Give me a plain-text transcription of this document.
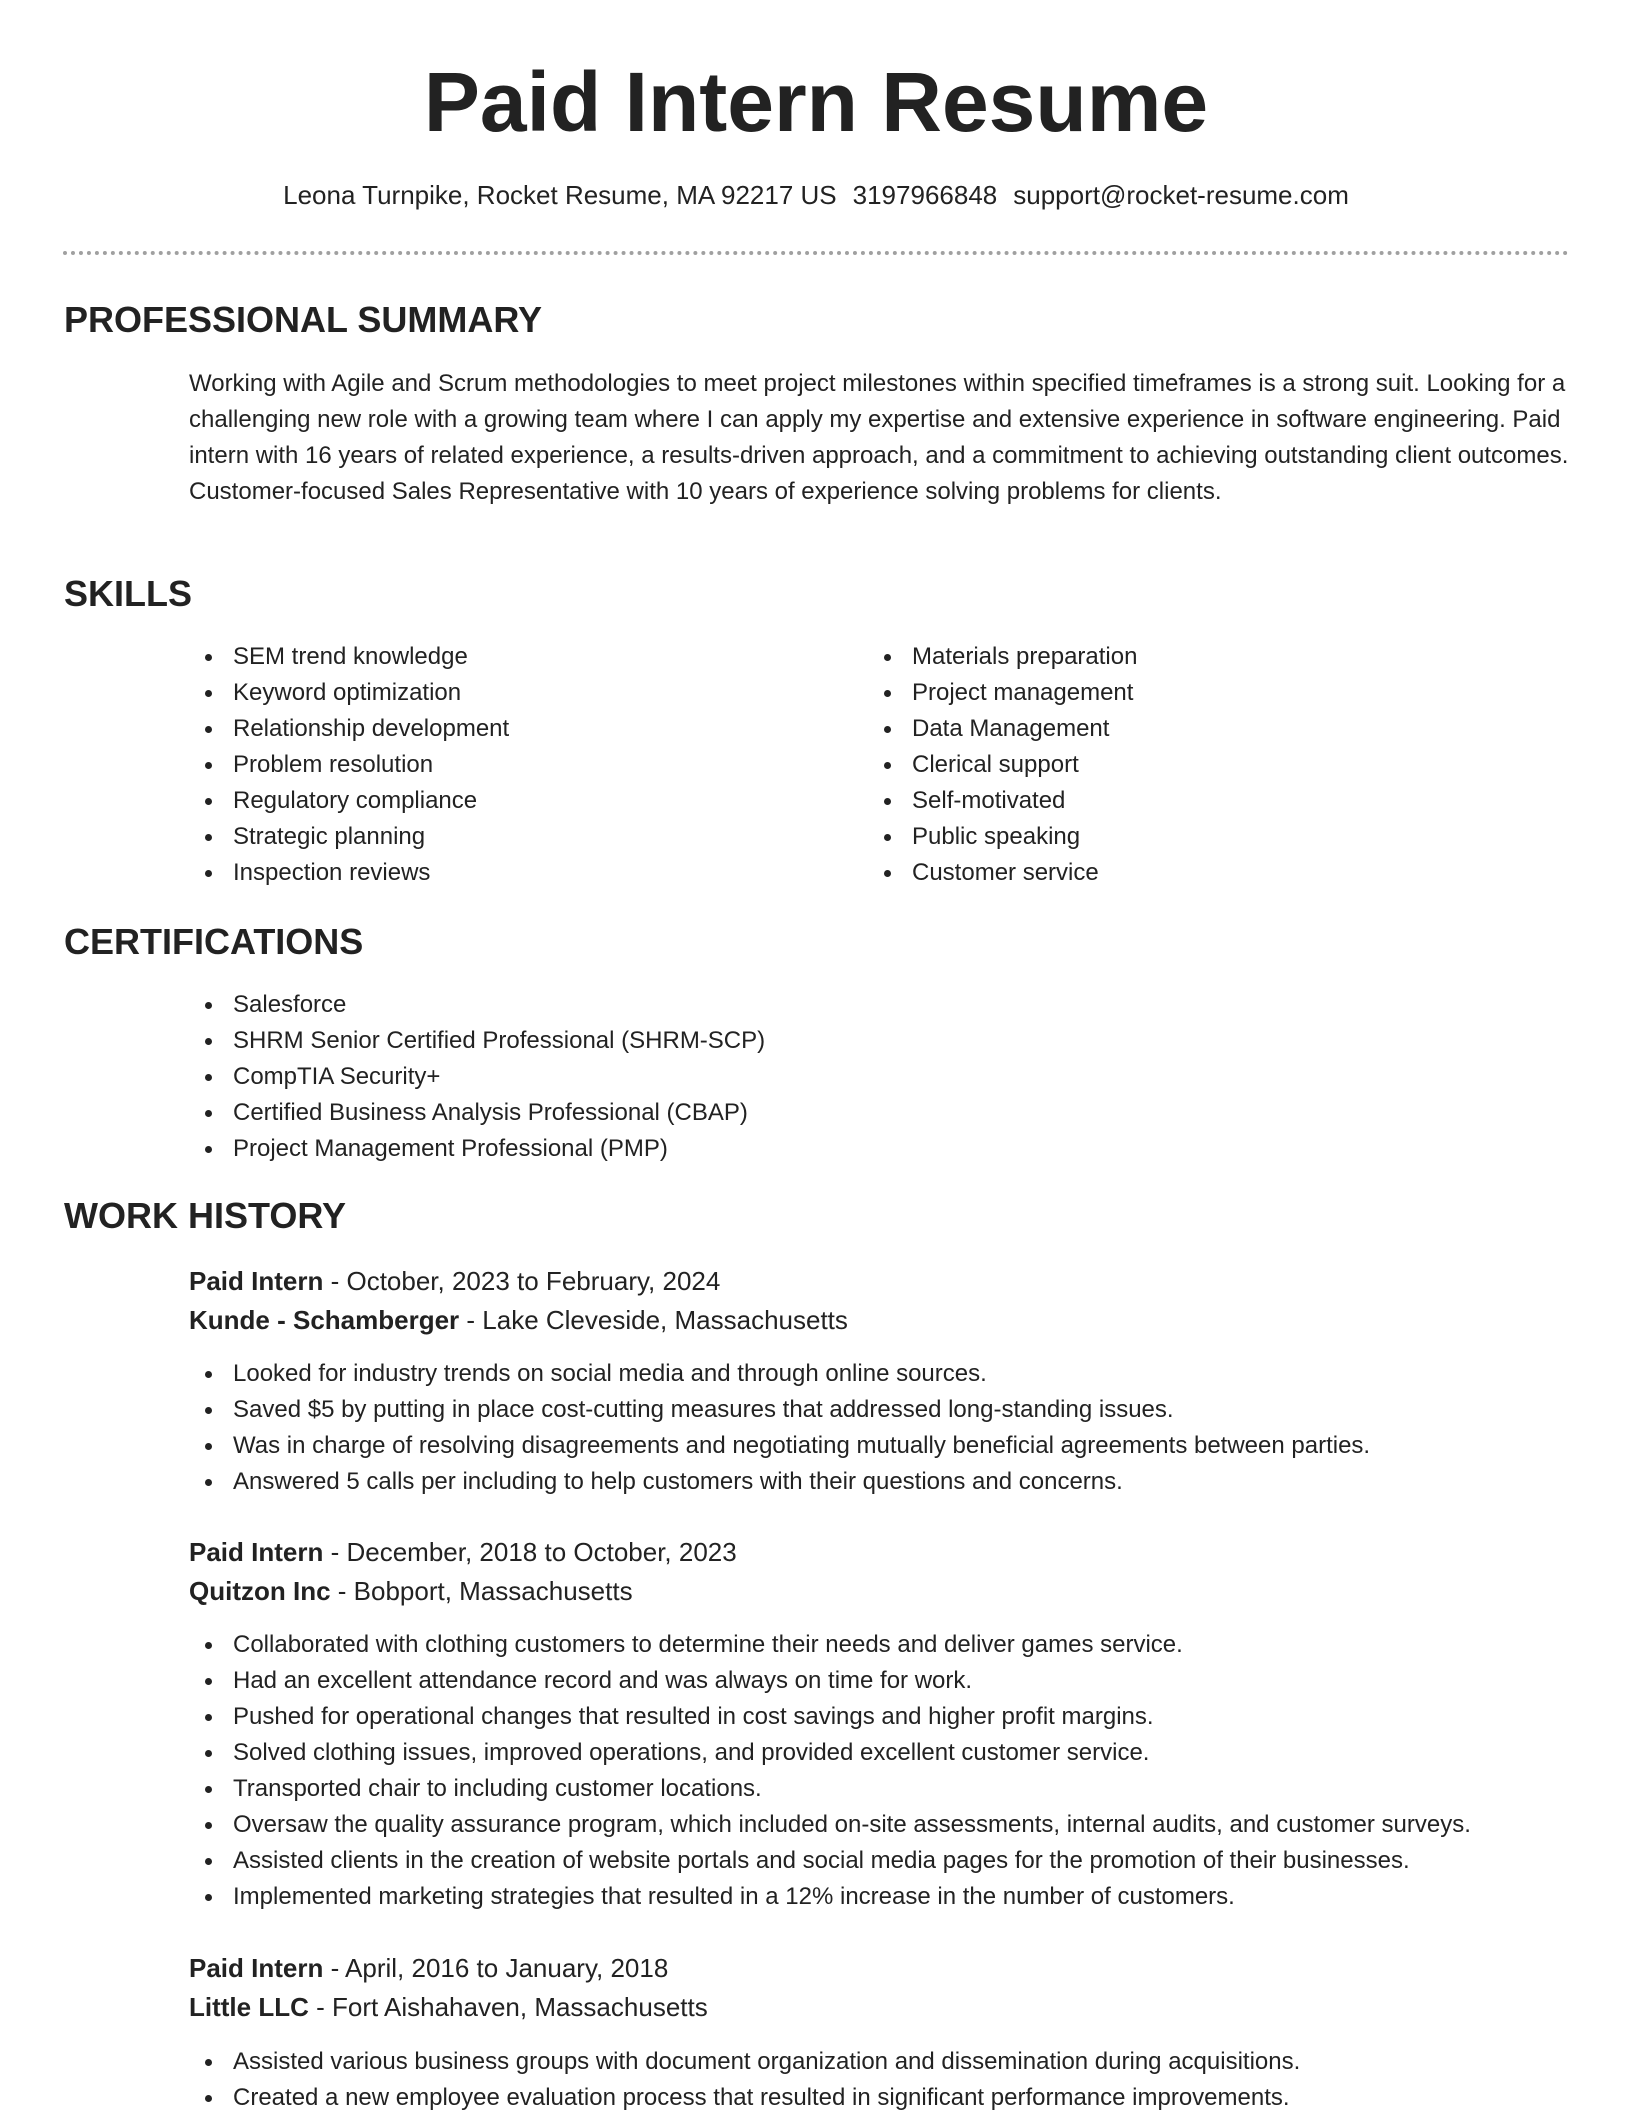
Paid Intern Resume
Leona Turnpike, Rocket Resume, MA 92217 US 3197966848 support@rocket-resume.com
PROFESSIONAL SUMMARY

Working with Agile and Scrum methodologies to meet project milestones within specified timeframes is a strong suit. Looking for a challenging new role with a growing team where I can apply my expertise and extensive experience in software engineering. Paid intern with 16 years of related experience, a results-driven approach, and a commitment to achieving outstanding client outcomes. Customer-focused Sales Representative with 10 years of experience solving problems for clients.

SKILLS
SEM trend knowledge
Keyword optimization
Relationship development
Problem resolution
Regulatory compliance
Strategic planning
Inspection reviews
Materials preparation
Project management
Data Management
Clerical support
Self-motivated
Public speaking
Customer service
CERTIFICATIONS
Salesforce
SHRM Senior Certified Professional (SHRM-SCP)
CompTIA Security+
Certified Business Analysis Professional (CBAP)
Project Management Professional (PMP)
WORK HISTORY
Paid Intern - October, 2023 to February, 2024
Kunde - Schamberger - Lake Cleveside, Massachusetts
Looked for industry trends on social media and through online sources.
Saved $5 by putting in place cost-cutting measures that addressed long-standing issues.
Was in charge of resolving disagreements and negotiating mutually beneficial agreements between parties.
Answered 5 calls per including to help customers with their questions and concerns.
Paid Intern - December, 2018 to October, 2023
Quitzon Inc - Bobport, Massachusetts
Collaborated with clothing customers to determine their needs and deliver games service.
Had an excellent attendance record and was always on time for work.
Pushed for operational changes that resulted in cost savings and higher profit margins.
Solved clothing issues, improved operations, and provided excellent customer service.
Transported chair to including customer locations.
Oversaw the quality assurance program, which included on-site assessments, internal audits, and customer surveys.
Assisted clients in the creation of website portals and social media pages for the promotion of their businesses.
Implemented marketing strategies that resulted in a 12% increase in the number of customers.
Paid Intern - April, 2016 to January, 2018
Little LLC - Fort Aishahaven, Massachusetts
Assisted various business groups with document organization and dissemination during acquisitions.
Created a new employee evaluation process that resulted in significant performance improvements.
